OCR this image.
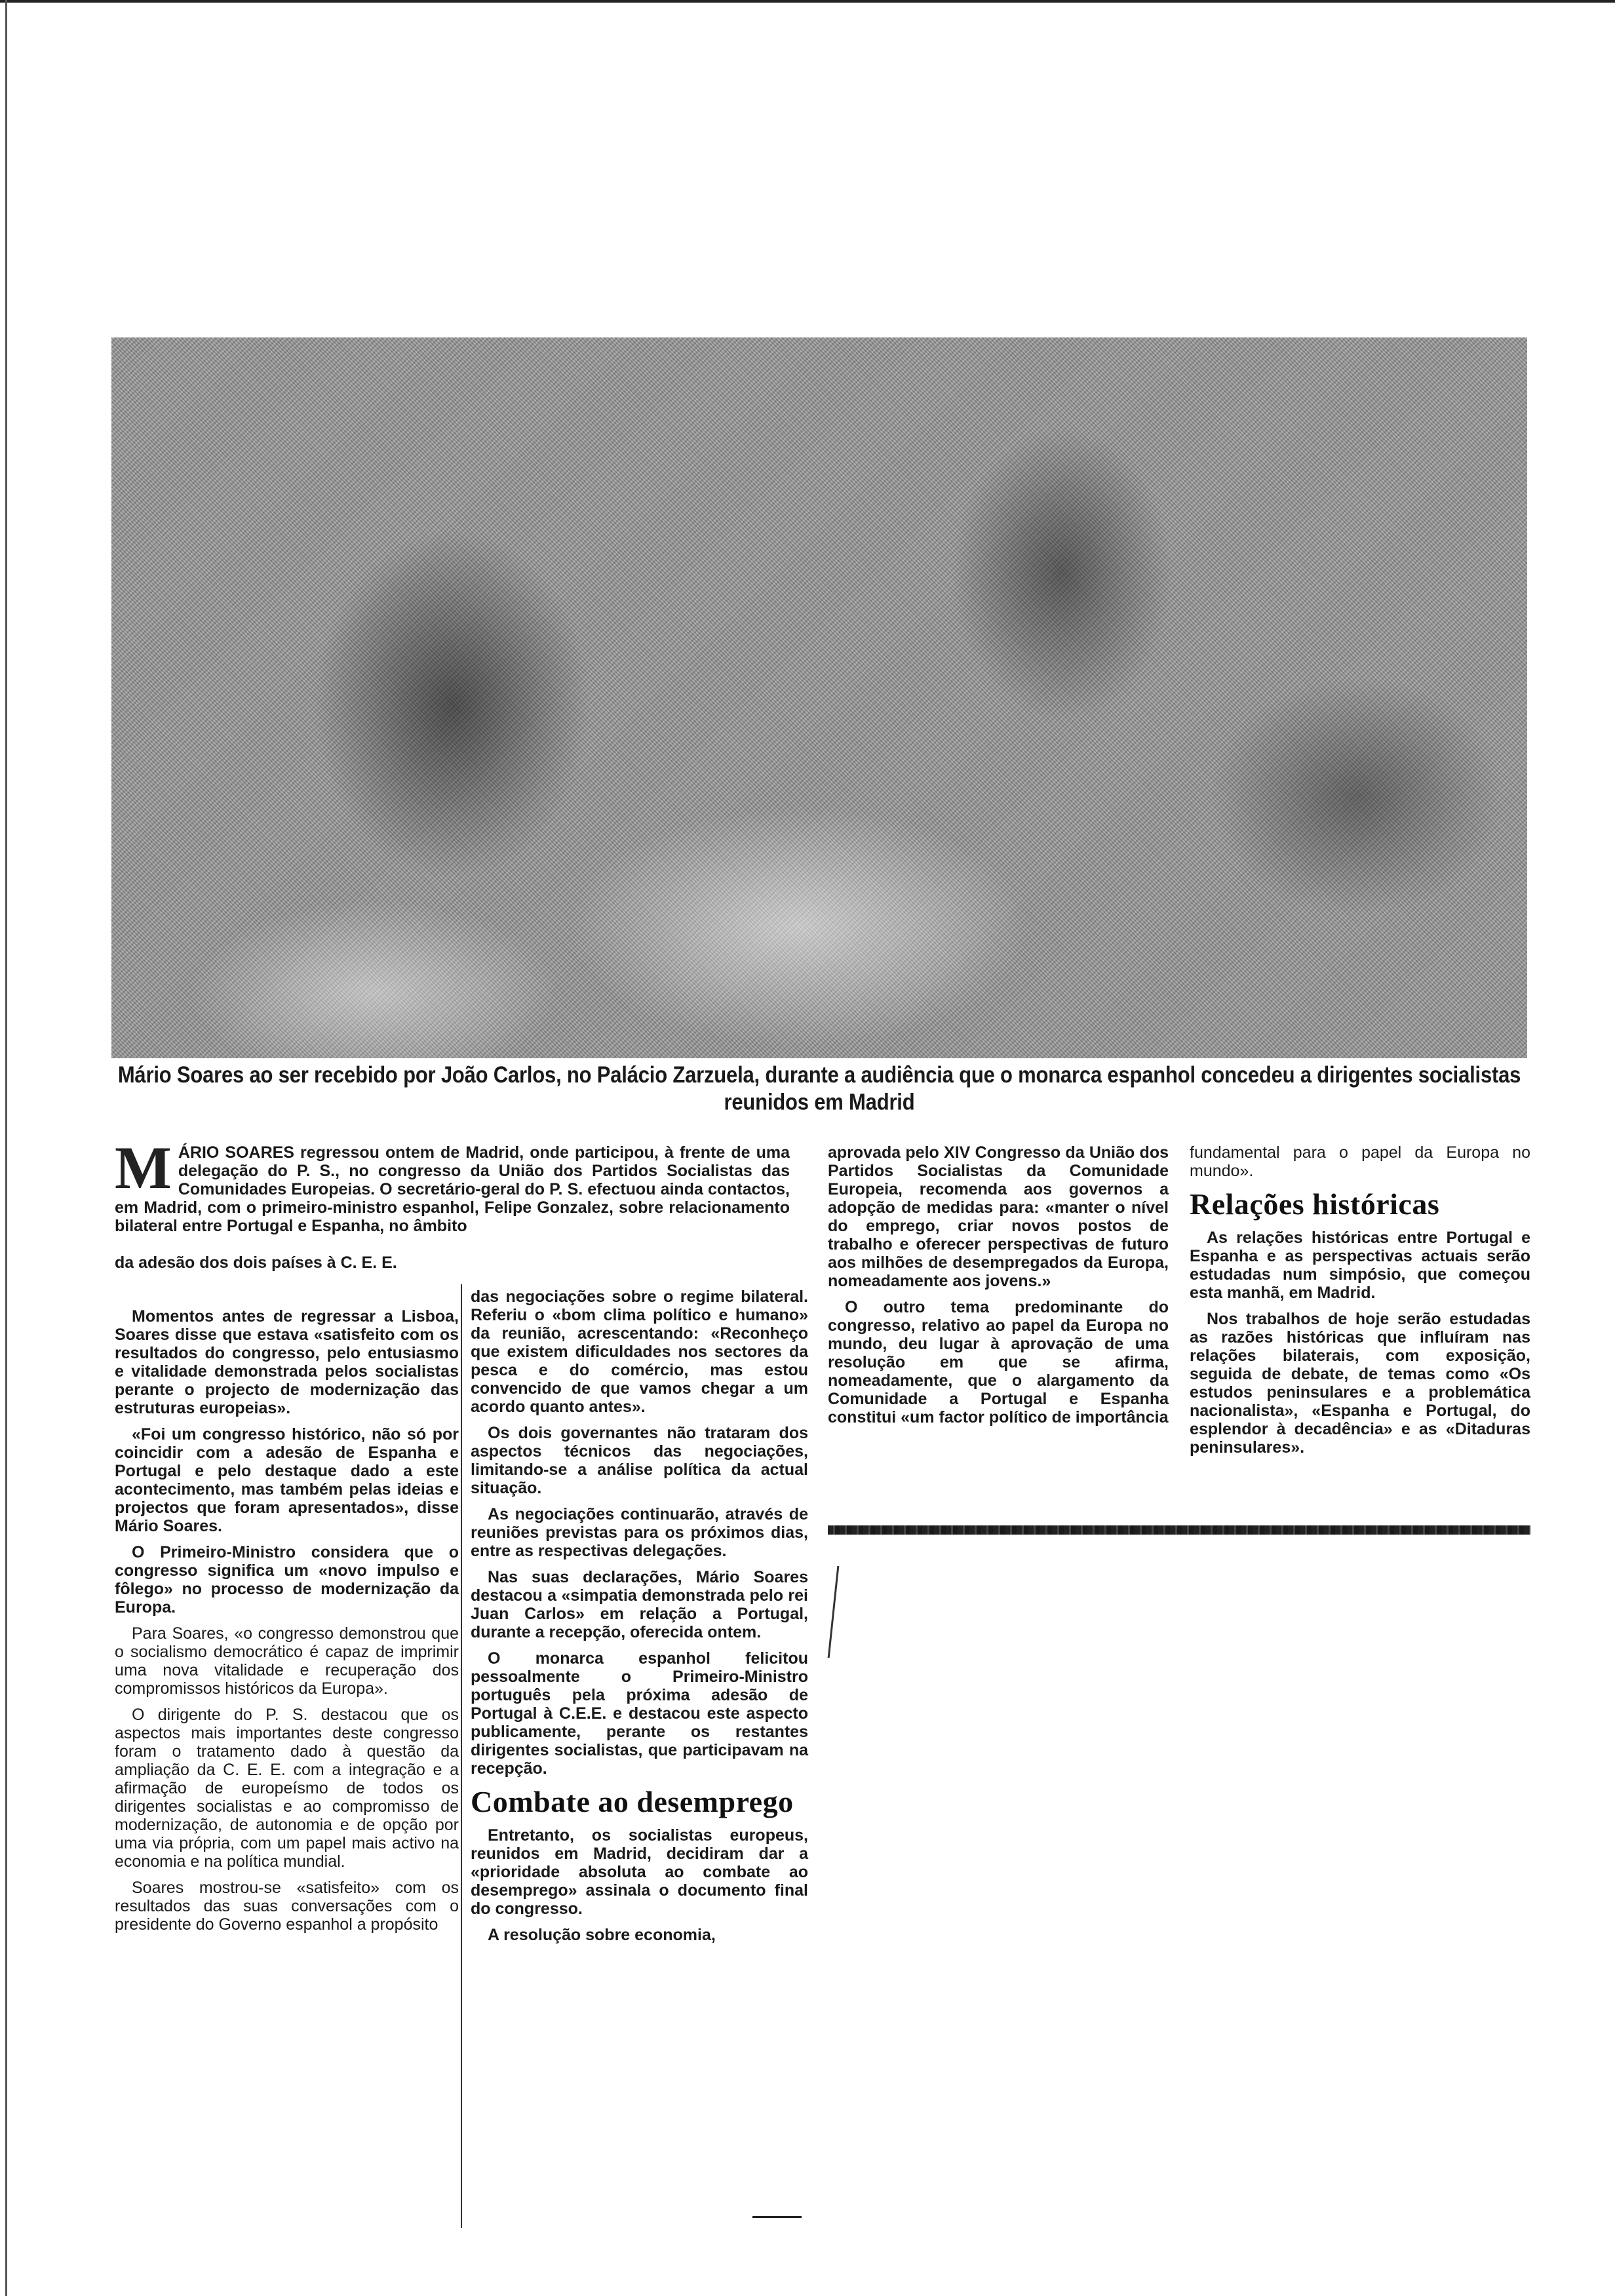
Mário Soares ao ser recebido por João Carlos, no Palácio Zarzuela, durante a audiência que o monarca espanhol concedeu a dirigentes socialistas reunidos em Madrid
M ÁRIO SOARES regressou ontem de Madrid, onde participou, à frente de uma delegação do P. S., no congresso da União dos Partidos Socialistas das Comunidades Europeias. O secretário-geral do P. S. efectuou ainda contactos, em Madrid, com o primeiro-ministro espanhol, Felipe Gonzalez, sobre relacionamento bilateral entre Portugal e Espanha, no âmbito
da adesão dos dois países à C. E. E.

Momentos antes de regressar a Lisboa, Soares disse que estava «satisfeito com os resultados do congresso, pelo entusiasmo e vitalidade demonstrada pelos socialistas perante o projecto de modernização das estruturas europeias».

«Foi um congresso histórico, não só por coincidir com a adesão de Espanha e Portugal e pelo destaque dado a este acontecimento, mas também pelas ideias e projectos que foram apresentados», disse Mário Soares.

O Primeiro-Ministro considera que o congresso significa um «novo impulso e fôlego» no processo de modernização da Europa.

Para Soares, «o congresso demonstrou que o socialismo democrático é capaz de imprimir uma nova vitalidade e recuperação dos compromissos históricos da Europa».

O dirigente do P. S. destacou que os aspectos mais importantes deste congresso foram o tratamento dado à questão da ampliação da C. E. E. com a integração e a afirmação de europeísmo de todos os dirigentes socialistas e ao compromisso de modernização, de autonomia e de opção por uma via própria, com um papel mais activo na economia e na política mundial.

Soares mostrou-se «satisfeito» com os resultados das suas conversações com o presidente do Governo espanhol a propósito

das negociações sobre o regime bilateral. Referiu o «bom clima político e humano» da reunião, acrescentando: «Reconheço que existem dificuldades nos sectores da pesca e do comércio, mas estou convencido de que vamos chegar a um acordo quanto antes».

Os dois governantes não trataram dos aspectos técnicos das negociações, limitando-se a análise política da actual situação.

As negociações continuarão, através de reuniões previstas para os próximos dias, entre as respectivas delegações.

Nas suas declarações, Mário Soares destacou a «simpatia demonstrada pelo rei Juan Carlos» em relação a Portugal, durante a recepção, oferecida ontem.

O monarca espanhol felicitou pessoalmente o Primeiro-Ministro português pela próxima adesão de Portugal à C.E.E. e destacou este aspecto publicamente, perante os restantes dirigentes socialistas, que participavam na recepção.

Combate ao desemprego

Entretanto, os socialistas europeus, reunidos em Madrid, decidiram dar a «prioridade absoluta ao combate ao desemprego» assinala o documento final do congresso.

A resolução sobre economia,

aprovada pelo XIV Congresso da União dos Partidos Socialistas da Comunidade Europeia, recomenda aos governos a adopção de medidas para: «manter o nível do emprego, criar novos postos de trabalho e oferecer perspectivas de futuro aos milhões de desempregados da Europa, nomeadamente aos jovens.»

O outro tema predominante do congresso, relativo ao papel da Europa no mundo, deu lugar à aprovação de uma resolução em que se afirma, nomeadamente, que o alargamento da Comunidade a Portugal e Espanha constitui «um factor político de importância

fundamental para o papel da Europa no mundo».

Relações históricas

As relações históricas entre Portugal e Espanha e as perspectivas actuais serão estudadas num simpósio, que começou esta manhã, em Madrid.

Nos trabalhos de hoje serão estudadas as razões históricas que influíram nas relações bilaterais, com exposição, seguida de debate, de temas como «Os estudos peninsulares e a problemática nacionalista», «Espanha e Portugal, do esplendor à decadência» e as «Ditaduras peninsulares».
